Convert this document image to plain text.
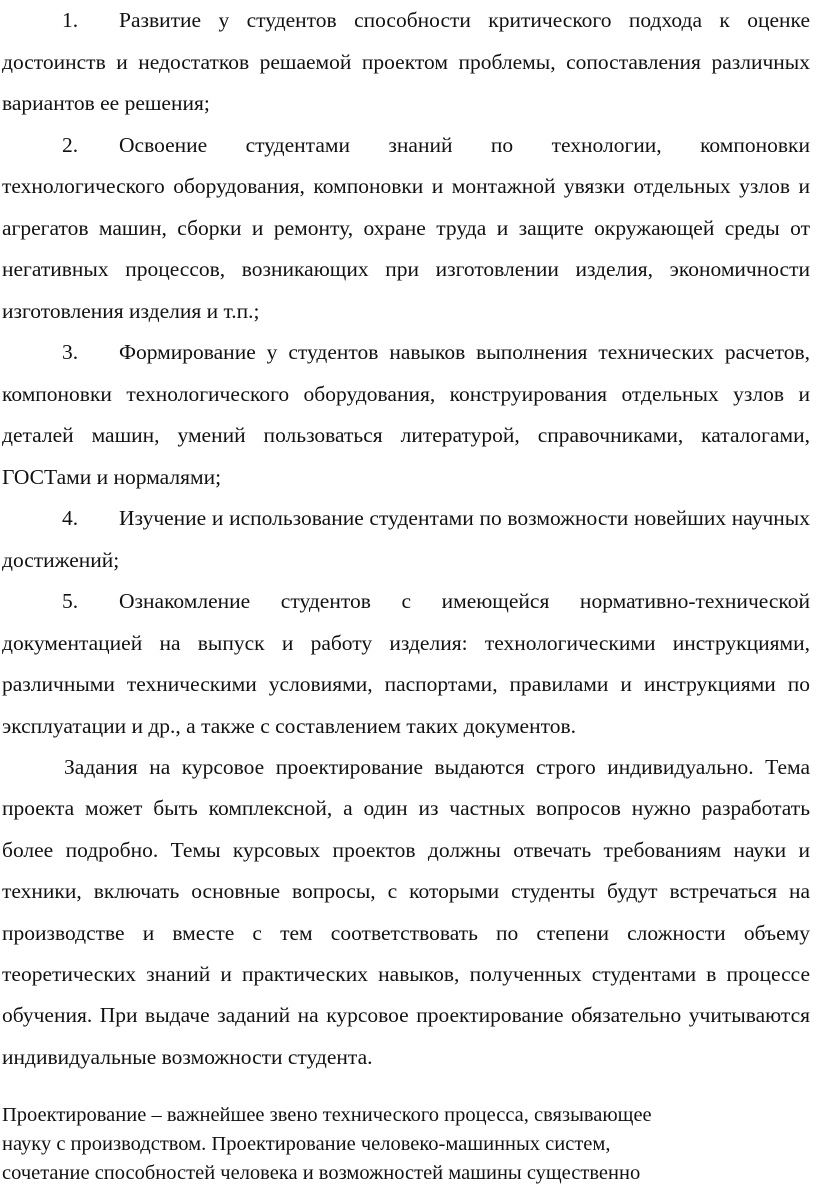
1. Развитие у студентов способности критического подхода к оценке достоинств и недостатков решаемой проектом проблемы, сопоставления различных вариантов ее решения;

2. Освоение студентами знаний по технологии, компоновки технологического оборудования, компоновки и монтажной увязки отдельных узлов и агрегатов машин, сборки и ремонту, охране труда и защите окружающей среды от негативных процессов, возникающих при изготовлении изделия, экономичности изготовления изделия и т.п.;

3. Формирование у студентов навыков выполнения технических расчетов, компоновки технологического оборудования, конструирования отдельных узлов и деталей машин, умений пользоваться литературой, справочниками, каталогами, ГОСТами и нормалями;

4. Изучение и использование студентами по возможности новейших научных достижений;

5. Ознакомление студентов с имеющейся нормативно-технической документацией на выпуск и работу изделия: технологическими инструкциями, различными техническими условиями, паспортами, правилами и инструкциями по эксплуатации и др., а также с составлением таких документов.

Задания на курсовое проектирование выдаются строго индивидуально. Тема проекта может быть комплексной, а один из частных вопросов нужно разработать более подробно. Темы курсовых проектов должны отвечать требованиям науки и техники, включать основные вопросы, с которыми студенты будут встречаться на производстве и вместе с тем соответствовать по степени сложности объему теоретических знаний и практических навыков, полученных студентами в процессе обучения. При выдаче заданий на курсовое проектирование обязательно учитываются индивидуальные возможности студента.

Проектирование – важнейшее звено технического процесса, связывающее

науку с производством. Проектирование человеко-машинных систем,

сочетание способностей человека и возможностей машины существенно
